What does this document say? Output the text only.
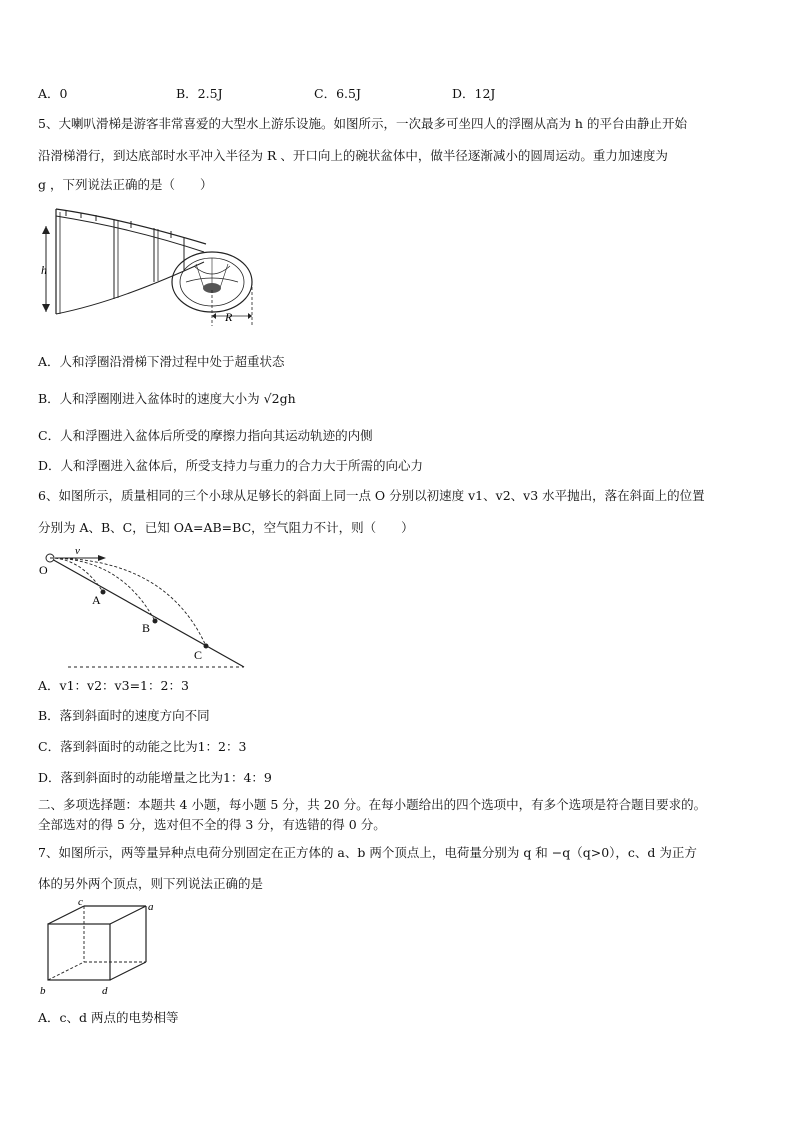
A．0	B．2.5J	C．6.5J	D．12J
5、大喇叭滑梯是游客非常喜爱的大型水上游乐设施。如图所示，一次最多可坐四人的浮圈从高为 h 的平台由静止开始
沿滑梯滑行，到达底部时水平冲入半径为 R 、开口向上的碗状盆体中，做半径逐渐减小的圆周运动。重力加速度为
g ，下列说法正确的是（　　）
h
R
A．人和浮圈沿滑梯下滑过程中处于超重状态
B．人和浮圈刚进入盆体时的速度大小为 √2gh
C．人和浮圈进入盆体后所受的摩擦力指向其运动轨迹的内侧
D．人和浮圈进入盆体后，所受支持力与重力的合力大于所需的向心力
6、如图所示，质量相同的三个小球从足够长的斜面上同一点 O 分别以初速度 v1、v2、v3 水平抛出，落在斜面上的位置
分别为 A、B、C，已知 OA=AB=BC，空气阻力不计，则（　　）
v
O
A
B
C
A．v1：v2：v3=1：2：3
B．落到斜面时的速度方向不同
C．落到斜面时的动能之比为1：2：3
D．落到斜面时的动能增量之比为1：4：9
二、多项选择题：本题共 4 小题，每小题 5 分，共 20 分。在每小题给出的四个选项中，有多个选项是符合题目要求的。
全部选对的得 5 分，选对但不全的得 3 分，有选错的得 0 分。
7、如图所示，两等量异种点电荷分别固定在正方体的 a、b 两个顶点上，电荷量分别为 q 和 −q（q>0），c、d 为正方
体的另外两个顶点，则下列说法正确的是
c	a
b	d
A．c、d 两点的电势相等
